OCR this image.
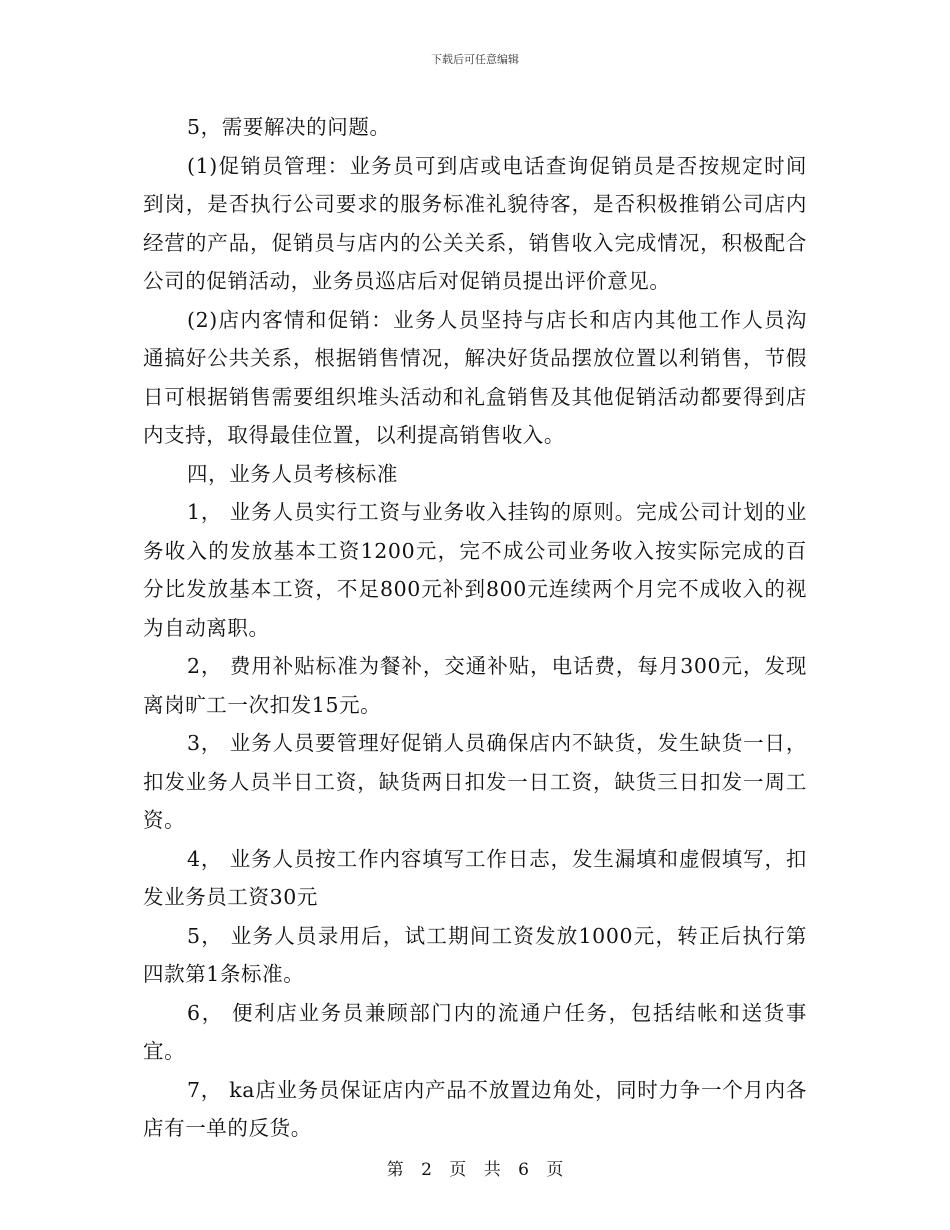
下载后可任意编辑

5，需要解决的问题。

(1)促销员管理：业务员可到店或电话查询促销员是否按规定时间到岗，是否执行公司要求的服务标准礼貌待客，是否积极推销公司店内经营的产品，促销员与店内的公关关系，销售收入完成情况，积极配合公司的促销活动，业务员巡店后对促销员提出评价意见。

(2)店内客情和促销：业务人员坚持与店长和店内其他工作人员沟通搞好公共关系，根据销售情况，解决好货品摆放位置以利销售，节假日可根据销售需要组织堆头活动和礼盒销售及其他促销活动都要得到店内支持，取得最佳位置，以利提高销售收入。

四，业务人员考核标准

1， 业务人员实行工资与业务收入挂钩的原则。完成公司计划的业务收入的发放基本工资1200元，完不成公司业务收入按实际完成的百分比发放基本工资，不足800元补到800元连续两个月完不成收入的视为自动离职。

2， 费用补贴标准为餐补，交通补贴，电话费，每月300元，发现离岗旷工一次扣发15元。

3， 业务人员要管理好促销人员确保店内不缺货，发生缺货一日，扣发业务人员半日工资，缺货两日扣发一日工资，缺货三日扣发一周工资。

4， 业务人员按工作内容填写工作日志，发生漏填和虚假填写，扣发业务员工资30元

5， 业务人员录用后，试工期间工资发放1000元，转正后执行第四款第1条标准。

6， 便利店业务员兼顾部门内的流通户任务，包括结帐和送货事宜。

7， ka店业务员保证店内产品不放置边角处，同时力争一个月内各店有一单的反货。

第 2 页 共 6 页
